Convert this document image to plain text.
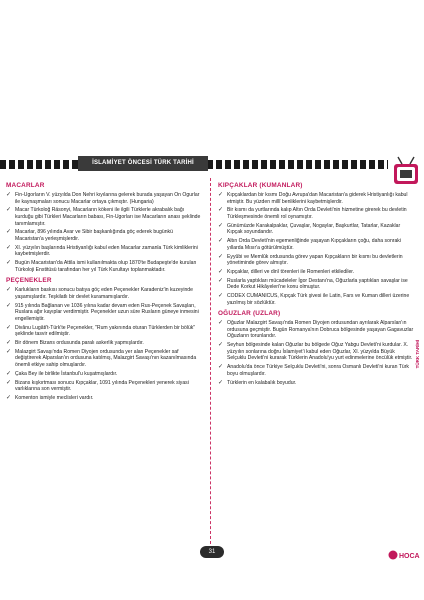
İSLAMİYET ÖNCESİ TÜRK TARİHİ
MACARLAR
✓ Fin-Ugorların V. yüzyılda Don Nehri kıyılarına gelerek burada yaşayan On Ogurlar ile kaynaşmaları sonucu Macarlar ortaya çıkmıştır. (Hungaria)
✓ Macar Türkoloğ Räsonyi, Macarların kökeni ile ilgili Türklerle akrabalık bağı kurduğu gibi Türkleri Macarların babası, Fin-Ugorları ise Macarların anası şeklinde tanımlamıştır.
✓ Macarlar, 896 yılında Avar ve Sibir başkanlığında göç ederek bugünkü Macaristan'a yerleşmişlerdir.
✓ XI. yüzyılın başlarında Hristiyanlığı kabul eden Macarlar zamanla Türk kimliklerini kaybetmişlerdir.
✓ Bugün Macaristan'da Attila ismi kullanılmakta olup 1870'te Budapeşte'de kurulan Türkoloji Enstitüsü tarafından her yıl Türk Kurultayı toplanmaktadır.
PEÇENEKLER
✓ Karlukların baskısı sonucu batıya göç eden Peçenekler Karadeniz'in kuzeyinde yaşamışlardır. Teşkilatlı bir devlet kuramamışlardır.
✓ 915 yılında Bağlanan ve 1036 yılına kadar devam eden Rus-Peçenek Savaşları, Ruslara ağır kayıplar verdirmiştir. Peçenekler uzun süre Rusların güneye inmesini engellemiştir.
✓ Divânu Lugâti't-Türk'te Peçenekler, "Rum yakınında oturan Türklerden bir bölük" şeklinde tasvir edilmiştir.
✓ Bir dönem Bizans ordusunda paralı askerlik yapmışlardır.
✓ Malazgirt Savaşı'nda Romen Diyojen ordusunda yer alan Peçenekler saf değiştirerek Alparslan'ın ordusuna katılmış, Malazgirt Savaşı'nın kazanılmasında önemli etkiye sahip olmuşlardır.
✓ Çaka Bey ile birlikte İstanbul'u kuşatmışlardır.
✓ Bizans kışkırtması sonucu Kıpçaklar, 1091 yılında Peçenekleri yenerek siyasi varlıklarına son vermiştir.
✓ Komenton ismiyle meclisleri vardır.
KIPÇAKLAR (KUMANLAR)
✓ Kıpçaklardan bir kısmı Doğu Avrupa'dan Macaristan'a giderek Hristiyanlığı kabul etmiştir. Bu yüzden millî benliklerini kaybetmişlerdir.
✓ Bir kısmı da yurtlarında kalıp Altın Orda Devleti'nin hizmetine girerek bu devletin Türkleşmesinde önemli rol oynamıştır.
✓ Günümüzde Karakalpaklar, Çuvaşlar, Nogaylar, Başkurtlar, Tatarlar, Kazaklar Kıpçak soyundandır.
✓ Altın Orda Devleti'nin egemenliğinde yaşayan Kıpçakların çoğu, daha sonraki yıllarda Mısır'a götürülmüştür.
✓ Eyyûbi ve Memlûk ordusunda görev yapan Kıpçakların bir kısmı bu devletlerin yönetiminde görev almıştır.
✓ Kıpçaklar, dilleri ve dinî törenleri ile Romenleri etkiledi̇ler.
✓ Ruslarla yaptıkları mücadeleler İgor Destanı'na, Oğuzlarla yaptıkları savaşlar ise Dede Korkut Hikâyeleri'ne konu olmuştur.
✓ CODEX CUMANICUS, Kıpçak Türk şivesi ile Latin, Fars ve Kuman dilleri üzerine yazılmış bir sözlüktür.
OĞUZLAR (UZLAR)
✓ Oğuzlar Malazgirt Savaşı'nda Romen Diyojen ordusundan ayrılarak Alparslan'ın ordusuna geçmiştir. Bugün Romanya'nın Dobruca bölgesinde yaşayan Gagavuzlar Oğuzların torunlarıdır.
✓ Seyhun bölgesinde kalan Oğuzlar bu bölgede Oğuz Yabgu Devleti'ni kurdular. X. yüzyılın sonlarına doğru İslamiyet'i kabul eden Oğuzlar, XI. yüzyılda Büyük Selçuklu Devleti'ni kurarak Türklerin Anadolu'yu yurt edinmelerine öncülük etmiştir.
✓ Anadolu'da önce Türkiye Selçuklu Devleti'ni, sonra Osmanlı Devleti'ni kuran Türk boyu olmuşlardır.
✓ Türklerin en kalabalık boyudur.
TÜRK TARİHİ
31
HOCA
